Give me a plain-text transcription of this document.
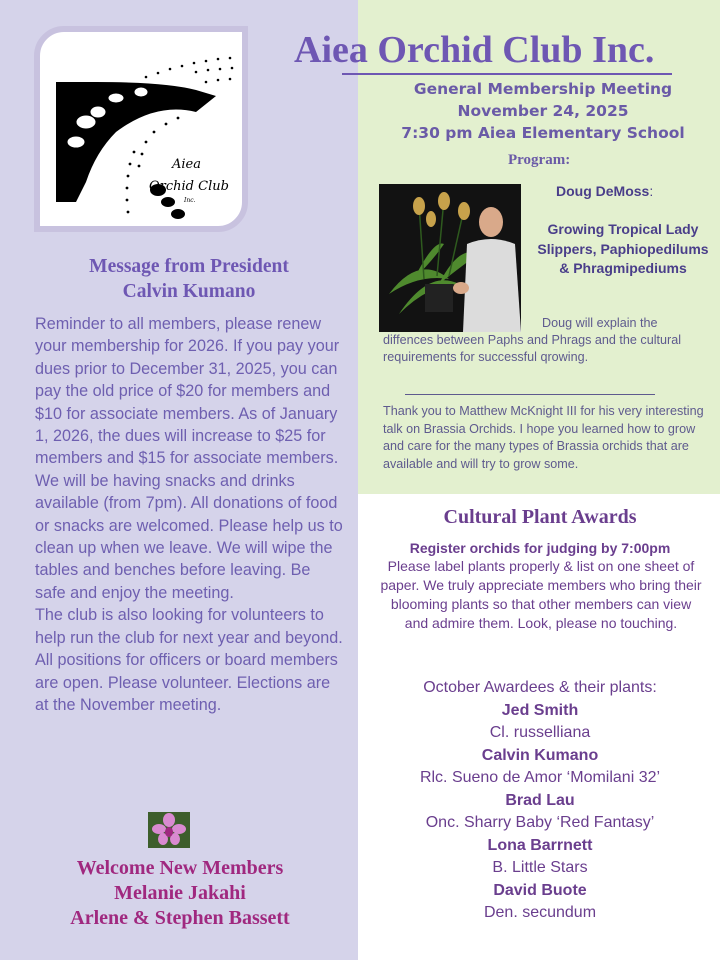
Aiea
Orchid Club
Inc.
Aiea Orchid Club Inc.
General Membership Meeting
November 24, 2025
7:30 pm Aiea Elementary School
Program:
Doug DeMoss:
Growing Tropical Lady Slippers, Paphiopedilums & Phragmipediums
Doug will explain the
diffences between Paphs and Phrags and the cultural requirements for successful qrowing.
Thank you to Matthew McKnight III for his very interesting talk on Brassia Orchids. I hope you learned how to grow and care for the many types of Brassia orchids that are available and will try to grow some.
Message from President
Calvin Kumano

Reminder to all members, please renew your membership for 2026. If you pay your dues prior to December 31, 2025, you can pay the old price of $20 for members and $10 for associate members. As of January 1, 2026, the dues will increase to $25 for members and $15 for associate members.

We will be having snacks and drinks available (from 7pm). All donations of food or snacks are welcomed. Please help us to clean up when we leave. We will wipe the tables and benches before leaving. Be safe and enjoy the meeting.

The club is also looking for volunteers to help run the club for next year and beyond. All positions for officers or board members are open. Please volunteer. Elections are at the November meeting.

Welcome New Members
Melanie Jakahi
Arlene & Stephen Bassett
Cultural Plant Awards
Register orchids for judging by 7:00pm
Please label plants properly & list on one sheet of paper. We truly appreciate members who bring their blooming plants so that other members can view and admire them. Look, please no touching.
October Awardees & their plants:
Jed Smith
Cl. russelliana
Calvin Kumano
Rlc. Sueno de Amor ‘Momilani 32’
Brad Lau
Onc. Sharry Baby ‘Red Fantasy’
Lona Barrnett
B. Little Stars
David Buote
Den. secundum
